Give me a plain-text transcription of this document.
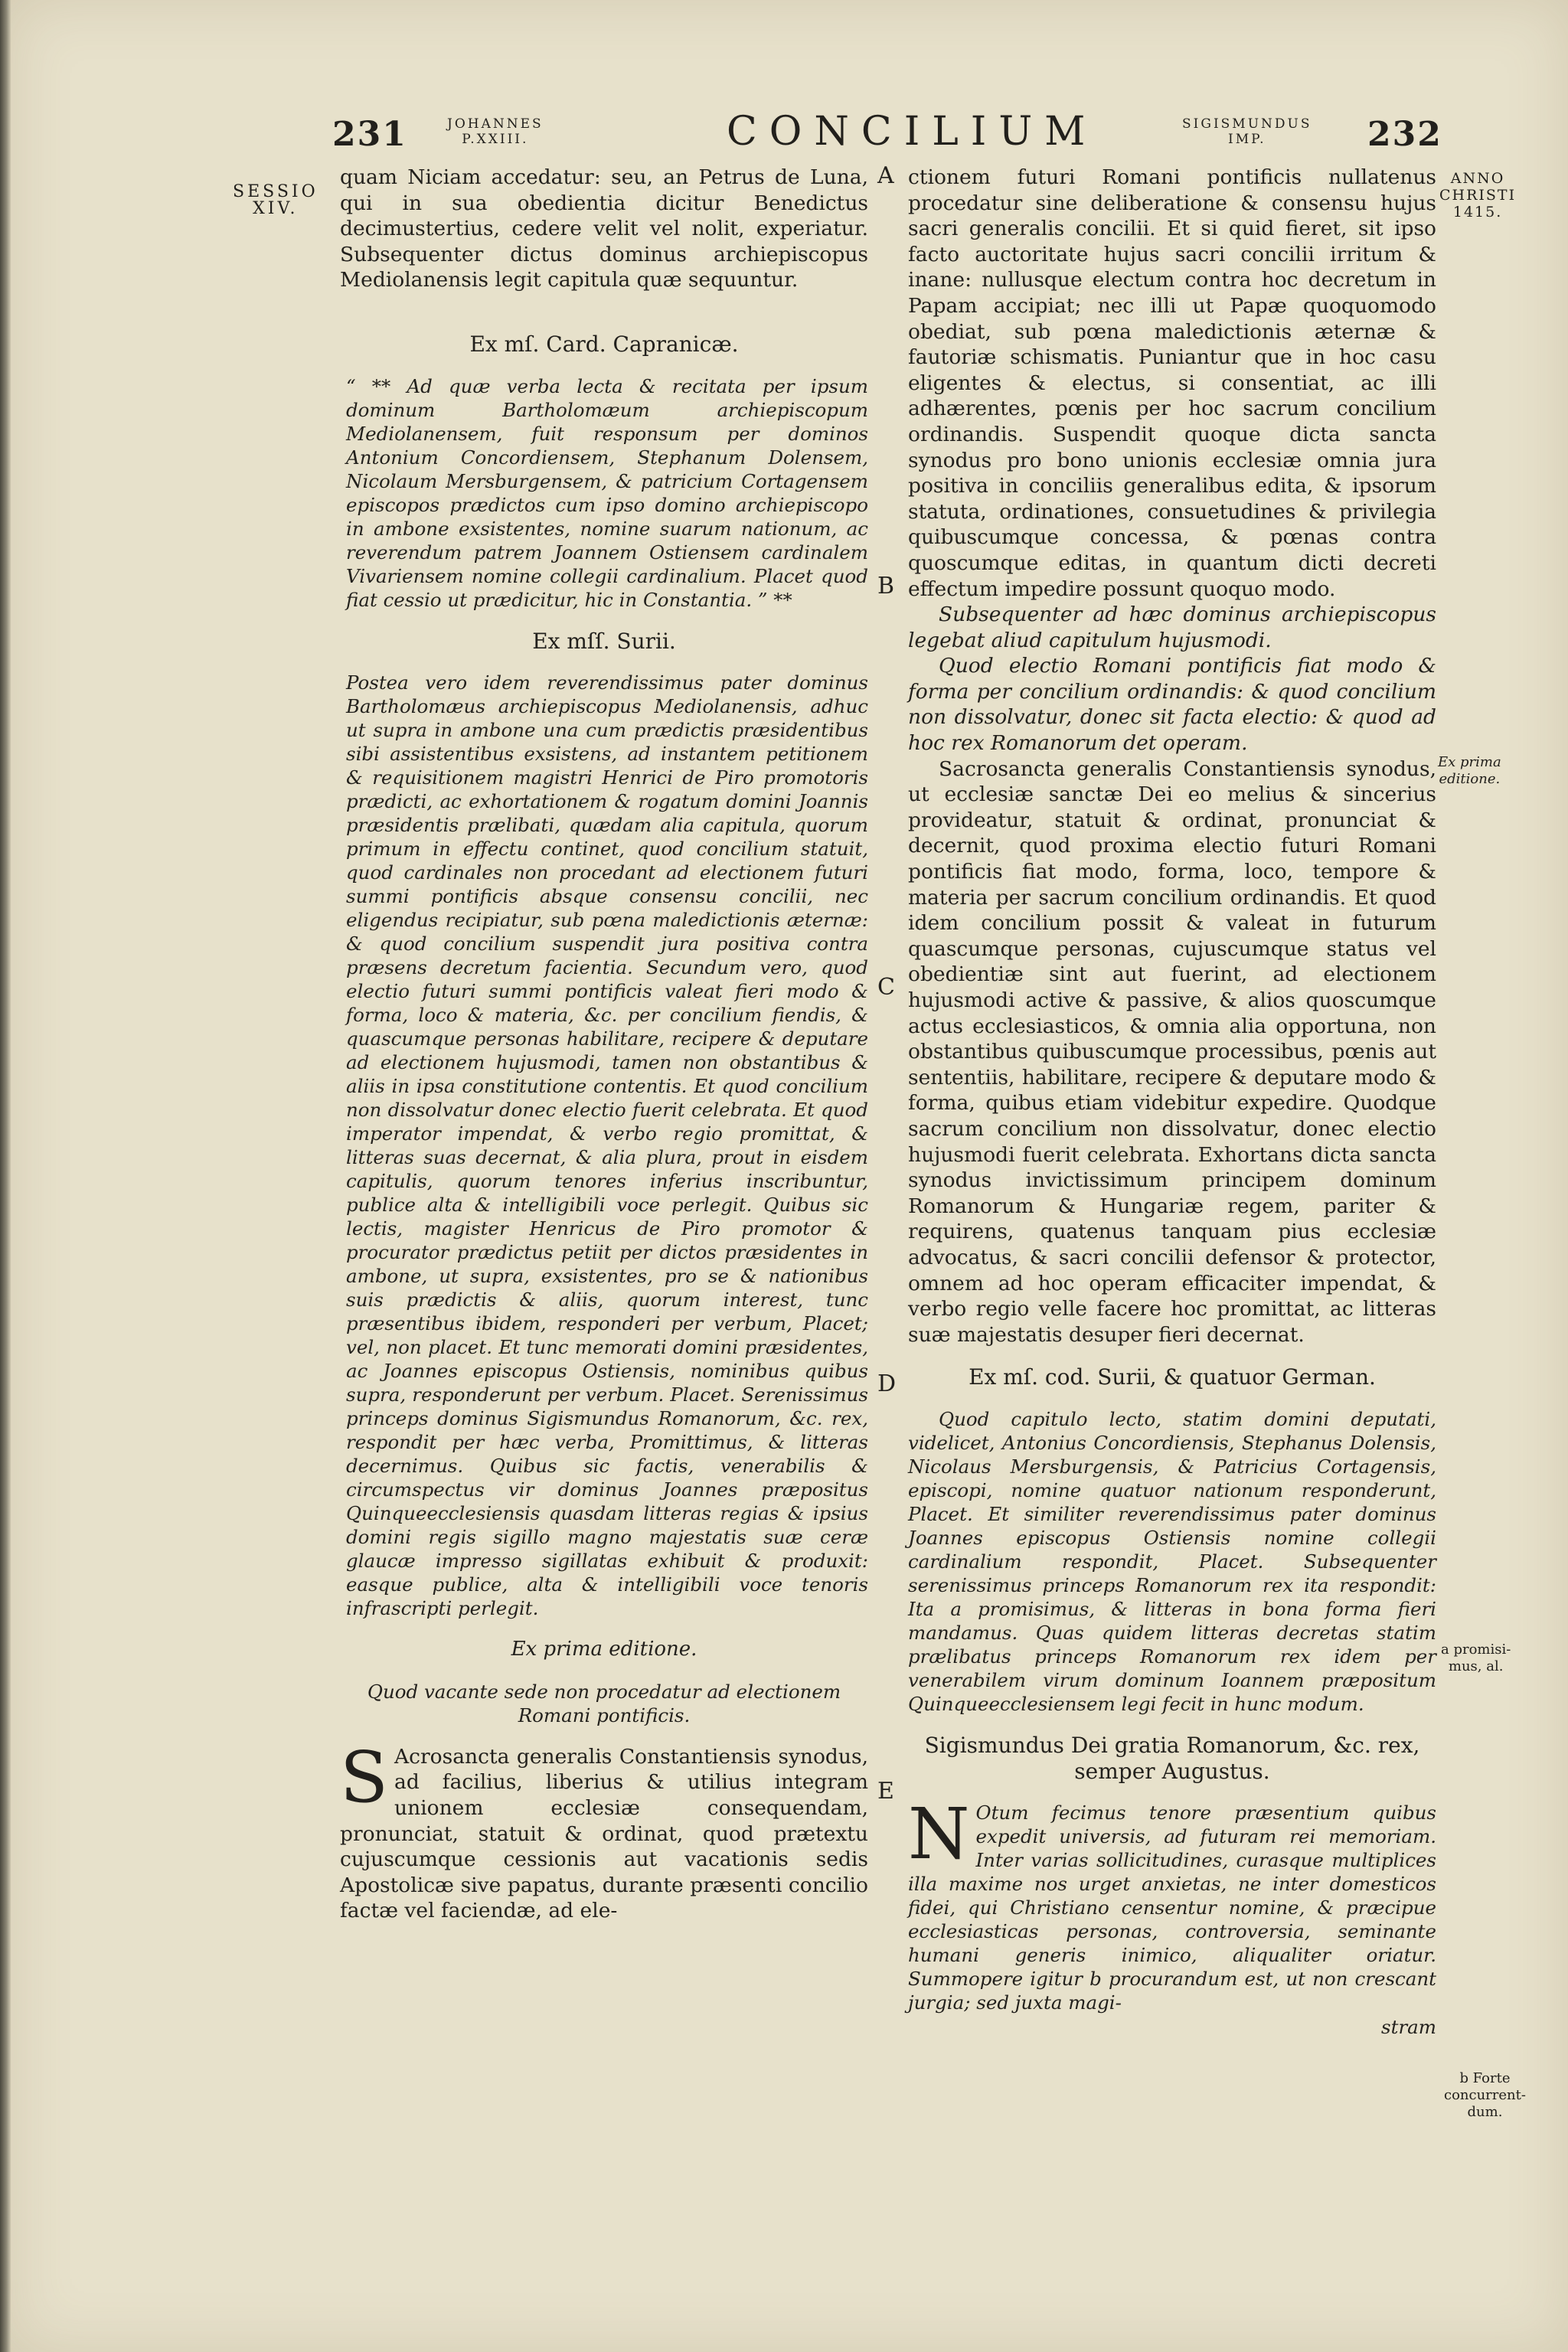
231	JOHANNES
P.XXIII.	CONCILIUM	SIGISMUNDUS
IMP.	232
SESSIO
XIV.
ANNO
CHRISTI
1415.
Ex prima
editione.
a promisi-
mus, al.
b Forte
concurrent-
dum.
A
B
C
D
E

quam Niciam accedatur: seu, an Petrus de Luna, qui in sua obedientia dicitur Benedictus decimustertius, cedere velit vel nolit, experiatur. Subsequenter dictus dominus archiepiscopus Mediolanensis legit capitula quæ sequuntur.

Ex mſ. Card. Capranicæ.

“ ** Ad quæ verba lecta & recitata per ipsum dominum Bartholomæum archiepiscopum Mediolanensem, fuit responsum per dominos Antonium Concordiensem, Stephanum Dolensem, Nicolaum Mersburgensem, & patricium Cortagensem episcopos prædictos cum ipso domino archiepiscopo in ambone exsistentes, nomine suarum nationum, ac reverendum patrem Joannem Ostiensem cardinalem Vivariensem nomine collegii cardinalium. Placet quod fiat cessio ut prædicitur, hic in Constantia. ” **

Ex mſſ. Surii.

Postea vero idem reverendissimus pater dominus Bartholomæus archiepiscopus Mediolanensis, adhuc ut supra in ambone una cum prædictis præsidentibus sibi assistentibus exsistens, ad instantem petitionem & requisitionem magistri Henrici de Piro promotoris prædicti, ac exhortationem & rogatum domini Joannis præsidentis prælibati, quædam alia capitula, quorum primum in effectu continet, quod concilium statuit, quod cardinales non procedant ad electionem futuri summi pontificis absque consensu concilii, nec eligendus recipiatur, sub pœna maledictionis æternæ: & quod concilium suspendit jura positiva contra præsens decretum facientia. Secundum vero, quod electio futuri summi pontificis valeat fieri modo & forma, loco & materia, &c. per concilium fiendis, & quascumque personas habilitare, recipere & deputare ad electionem hujusmodi, tamen non obstantibus & aliis in ipsa constitutione contentis. Et quod concilium non dissolvatur donec electio fuerit celebrata. Et quod imperator impendat, & verbo regio promittat, & litteras suas decernat, & alia plura, prout in eisdem capitulis, quorum tenores inferius inscribuntur, publice alta & intelligibili voce perlegit. Quibus sic lectis, magister Henricus de Piro promotor & procurator prædictus petiit per dictos præsidentes in ambone, ut supra, exsistentes, pro se & nationibus suis prædictis & aliis, quorum interest, tunc præsentibus ibidem, responderi per verbum, Placet; vel, non placet. Et tunc memorati domini præsidentes, ac Joannes episcopus Ostiensis, nominibus quibus supra, responderunt per verbum. Placet. Serenissimus princeps dominus Sigismundus Romanorum, &c. rex, respondit per hæc verba, Promittimus, & litteras decernimus. Quibus sic factis, venerabilis & circumspectus vir dominus Joannes præpositus Quinqueecclesiensis quasdam litteras regias & ipsius domini regis sigillo magno majestatis suæ ceræ glaucæ impresso sigillatas exhibuit & produxit: easque publice, alta & intelligibili voce tenoris infrascripti perlegit.

Ex prima editione.

Quod vacante sede non procedatur ad electionem Romani pontificis.

S Acrosancta generalis Constantiensis synodus, ad facilius, liberius & utilius integram unionem ecclesiæ consequendam, pronunciat, statuit & ordinat, quod prætextu cujuscumque cessionis aut vacationis sedis Apostolicæ sive papatus, durante præsenti concilio factæ vel faciendæ, ad ele-

ctionem futuri Romani pontificis nullatenus procedatur sine deliberatione & consensu hujus sacri generalis concilii. Et si quid fieret, sit ipso facto auctoritate hujus sacri concilii irritum & inane: nullusque electum contra hoc decretum in Papam accipiat; nec illi ut Papæ quoquomodo obediat, sub pœna maledictionis æternæ & fautoriæ schismatis. Puniantur que in hoc casu eligentes & electus, si consentiat, ac illi adhærentes, pœnis per hoc sacrum concilium ordinandis. Suspendit quoque dicta sancta synodus pro bono unionis ecclesiæ omnia jura positiva in conciliis generalibus edita, & ipsorum statuta, ordinationes, consuetudines & privilegia quibuscumque concessa, & pœnas contra quoscumque editas, in quantum dicti decreti effectum impedire possunt quoquo modo.

Subsequenter ad hæc dominus archiepiscopus legebat aliud capitulum hujusmodi.

Quod electio Romani pontificis fiat modo & forma per concilium ordinandis: & quod concilium non dissolvatur, donec sit facta electio: & quod ad hoc rex Romanorum det operam.

Sacrosancta generalis Constantiensis synodus, ut ecclesiæ sanctæ Dei eo melius & sincerius provideatur, statuit & ordinat, pronunciat & decernit, quod proxima electio futuri Romani pontificis fiat modo, forma, loco, tempore & materia per sacrum concilium ordinandis. Et quod idem concilium possit & valeat in futurum quascumque personas, cujuscumque status vel obedientiæ sint aut fuerint, ad electionem hujusmodi active & passive, & alios quoscumque actus ecclesiasticos, & omnia alia opportuna, non obstantibus quibuscumque processibus, pœnis aut sententiis, habilitare, recipere & deputare modo & forma, quibus etiam videbitur expedire. Quodque sacrum concilium non dissolvatur, donec electio hujusmodi fuerit celebrata. Exhortans dicta sancta synodus invictissimum principem dominum Romanorum & Hungariæ regem, pariter & requirens, quatenus tanquam pius ecclesiæ advocatus, & sacri concilii defensor & protector, omnem ad hoc operam efficaciter impendat, & verbo regio velle facere hoc promittat, ac litteras suæ majestatis desuper fieri decernat.

Ex mſ. cod. Surii, & quatuor German.

Quod capitulo lecto, statim domini deputati, videlicet, Antonius Concordiensis, Stephanus Dolensis, Nicolaus Mersburgensis, & Patricius Cortagensis, episcopi, nomine quatuor nationum responderunt, Placet. Et similiter reverendissimus pater dominus Joannes episcopus Ostiensis nomine collegii cardinalium respondit, Placet. Subsequenter serenissimus princeps Romanorum rex ita respondit: Ita a promisimus, & litteras in bona forma fieri mandamus. Quas quidem litteras decretas statim prælibatus princeps Romanorum rex idem per venerabilem virum dominum Ioannem præpositum Quinqueecclesiensem legi fecit in hunc modum.

Sigismundus Dei gratia Romanorum, &c. rex, semper Augustus.

N Otum fecimus tenore præsentium quibus expedit universis, ad futuram rei memoriam. Inter varias sollicitudines, curasque multiplices illa maxime nos urget anxietas, ne inter domesticos fidei, qui Christiano censentur nomine, & præcipue ecclesiasticas personas, controversia, seminante humani generis inimico, aliqualiter oriatur. Summopere igitur b procurandum est, ut non crescant jurgia; sed juxta magi-

stram
